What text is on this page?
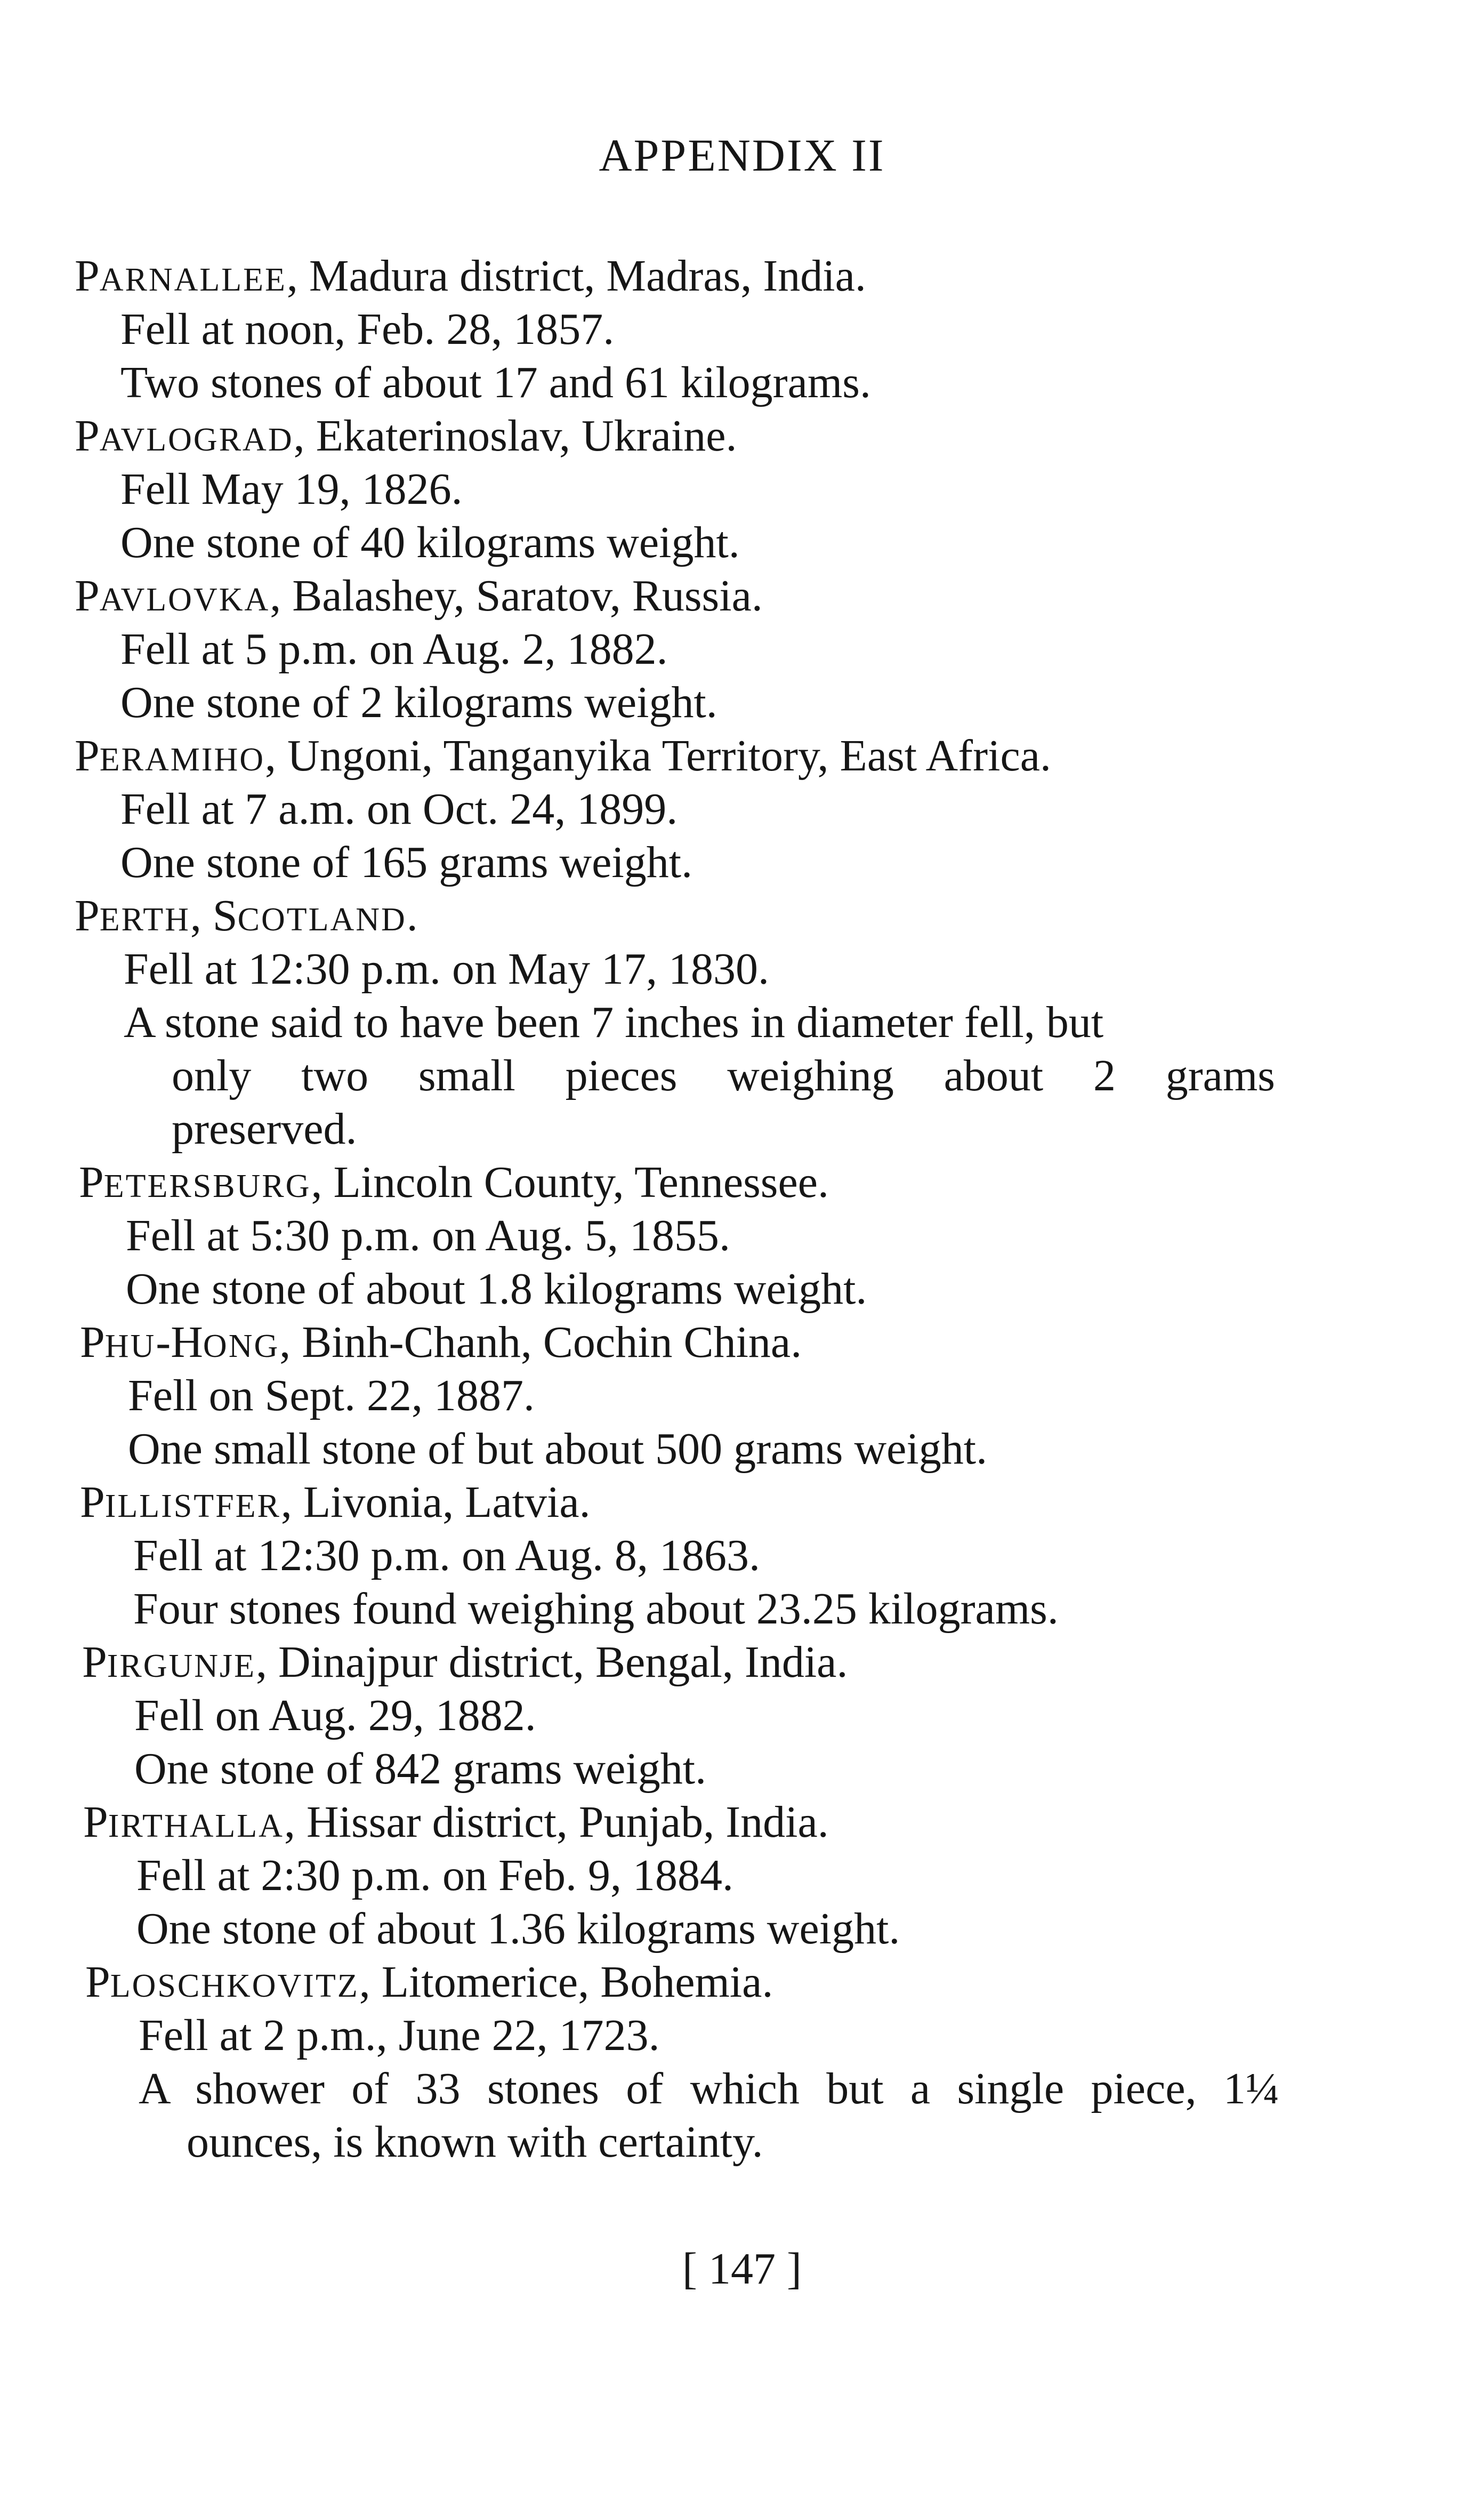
APPENDIX II
PARNALLEE, Madura district, Madras, India.
Fell at noon, Feb. 28, 1857.
Two stones of about 17 and 61 kilograms.
PAVLOGRAD, Ekaterinoslav, Ukraine.
Fell May 19, 1826.
One stone of 40 kilograms weight.
PAVLOVKA, Balashey, Saratov, Russia.
Fell at 5 p.m. on Aug. 2, 1882.
One stone of 2 kilograms weight.
PERAMIHO, Ungoni, Tanganyika Territory, East Africa.
Fell at 7 a.m. on Oct. 24, 1899.
One stone of 165 grams weight.
PERTH, SCOTLAND.
Fell at 12:30 p.m. on May 17, 1830.
A stone said to have been 7 inches in diameter fell, but
only two small pieces weighing about 2 grams
preserved.
PETERSBURG, Lincoln County, Tennessee.
Fell at 5:30 p.m. on Aug. 5, 1855.
One stone of about 1.8 kilograms weight.
PHU-HONG, Binh-Chanh, Cochin China.
Fell on Sept. 22, 1887.
One small stone of but about 500 grams weight.
PILLISTFER, Livonia, Latvia.
Fell at 12:30 p.m. on Aug. 8, 1863.
Four stones found weighing about 23.25 kilograms.
PIRGUNJE, Dinajpur district, Bengal, India.
Fell on Aug. 29, 1882.
One stone of 842 grams weight.
PIRTHALLA, Hissar district, Punjab, India.
Fell at 2:30 p.m. on Feb. 9, 1884.
One stone of about 1.36 kilograms weight.
PLOSCHKOVITZ, Litomerice, Bohemia.
Fell at 2 p.m., June 22, 1723.
A shower of 33 stones of which but a single piece, 1¼
ounces, is known with certainty.
[ 147 ]
